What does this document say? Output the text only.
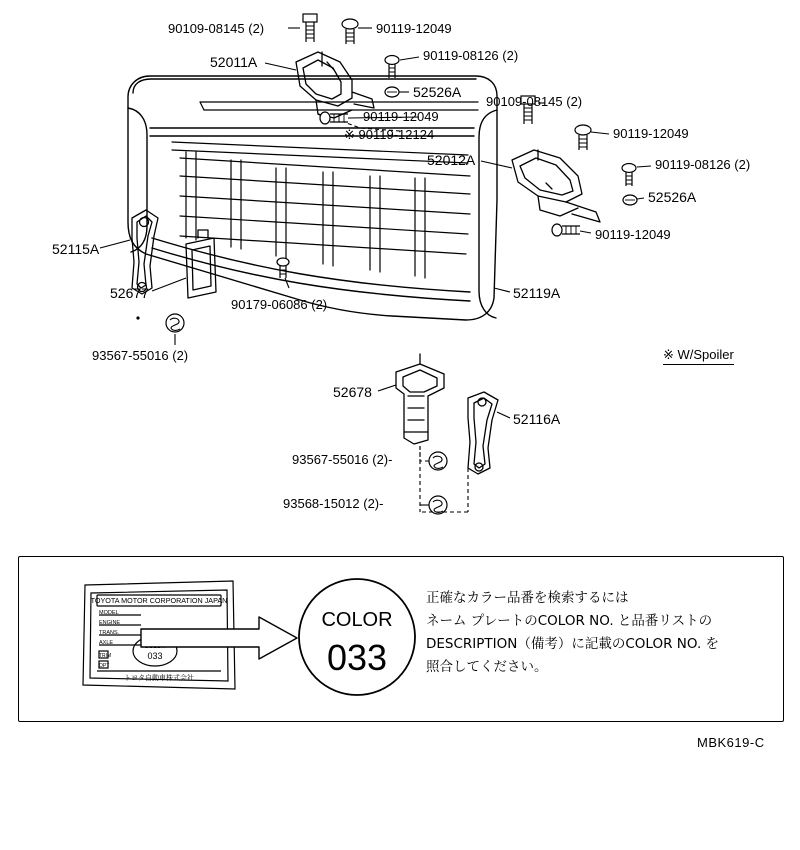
90109-08145 (2)	90119-12049
52011A	90119-08126 (2)
52526A
90109-08145 (2)
90119-12049
※ 90119-12124	90119-12049
52012A	90119-08126 (2)
52526A
90119-12049
52115A
52677
90179-06086 (2)
52119A
93567-55016 (2)
52678
52116A
93567-55016 (2)-
93568-15012 (2)-
※ W/Spoiler
TOYOTA MOTOR CORPORATION JAPAN
MODEL
ENGINE
TRANS.
AXLE
033
TRIM
OPT
トヨタ自動車株式会社
COLOR
033
正確なカラー品番を検索するには
ネーム プレートのCOLOR NO. と品番リストの
DESCRIPTION（備考）に記載のCOLOR NO. を
照合してください。
MBK619-C
